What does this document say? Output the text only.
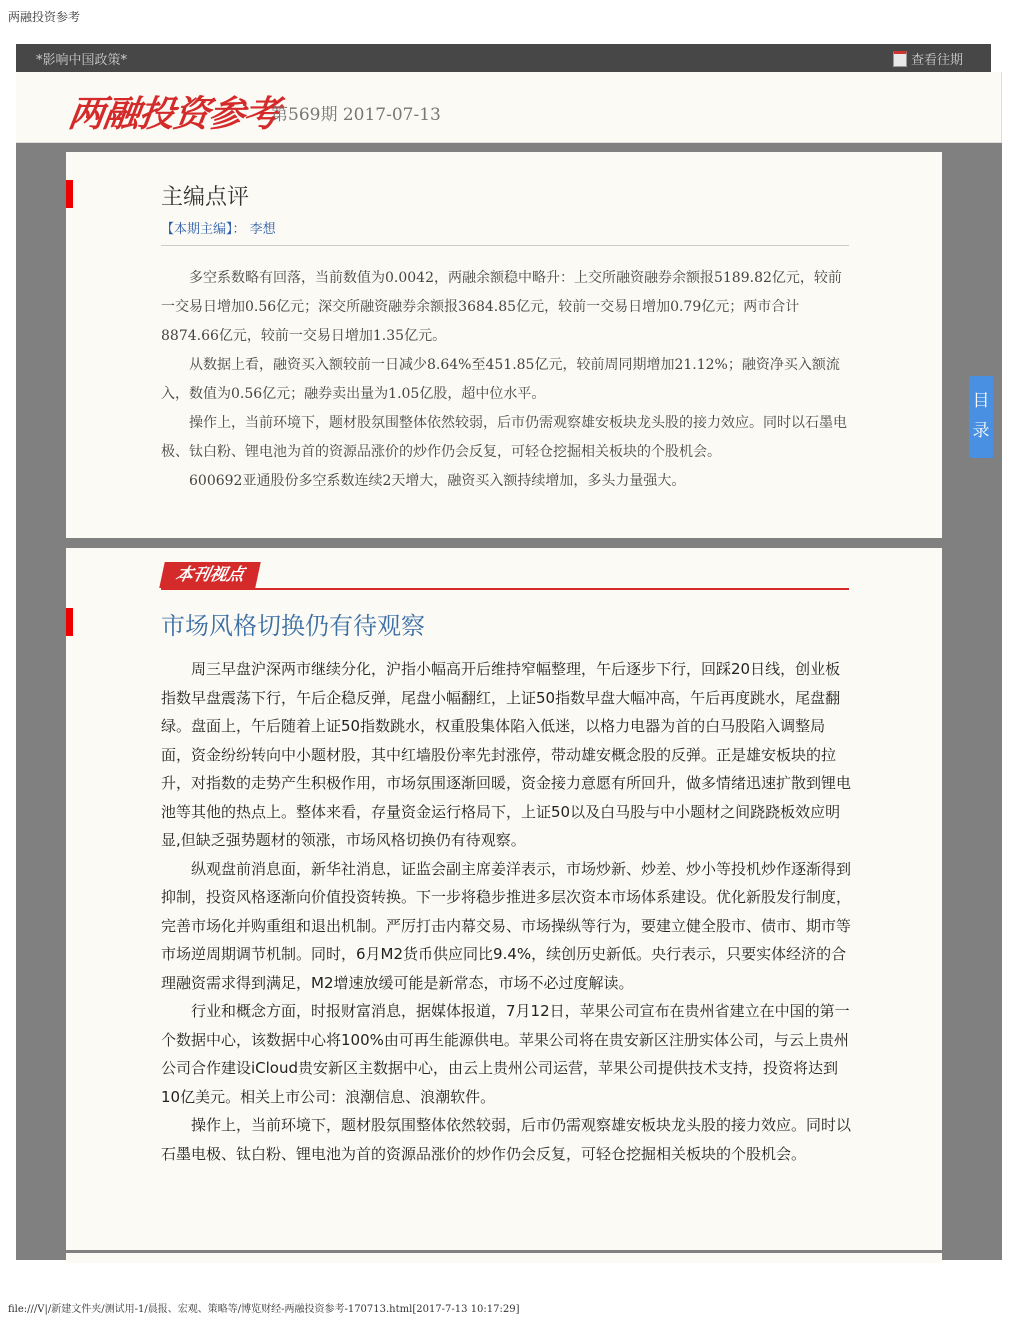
两融投资参考
*影响中国政策*	查看往期
两融投资参考
第569期 2017-07-13
主编点评
【本期主编】： 李想

多空系数略有回落，当前数值为0.0042，两融余额稳中略升：上交所融资融券余额报5189.82亿元，较前一交易日增加0.56亿元；深交所融资融券余额报3684.85亿元，较前一交易日增加0.79亿元；两市合计8874.66亿元，较前一交易日增加1.35亿元。

从数据上看，融资买入额较前一日减少8.64%至451.85亿元，较前周同期增加21.12%；融资净买入额流入，数值为0.56亿元；融券卖出量为1.05亿股，超中位水平。

操作上，当前环境下，题材股氛围整体依然较弱，后市仍需观察雄安板块龙头股的接力效应。同时以石墨电极、钛白粉、锂电池为首的资源品涨价的炒作仍会反复，可轻仓挖掘相关板块的个股机会。

600692亚通股份多空系数连续2天增大，融资买入额持续增加，多头力量强大。

本刊视点
市场风格切换仍有待观察

周三早盘沪深两市继续分化，沪指小幅高开后维持窄幅整理，午后逐步下行，回踩20日线，创业板指数早盘震荡下行，午后企稳反弹，尾盘小幅翻红，上证50指数早盘大幅冲高，午后再度跳水，尾盘翻绿。盘面上，午后随着上证50指数跳水，权重股集体陷入低迷，以格力电器为首的白马股陷入调整局面，资金纷纷转向中小题材股，其中红墙股份率先封涨停，带动雄安概念股的反弹。正是雄安板块的拉升，对指数的走势产生积极作用，市场氛围逐渐回暖，资金接力意愿有所回升，做多情绪迅速扩散到锂电池等其他的热点上。整体来看，存量资金运行格局下，上证50以及白马股与中小题材之间跷跷板效应明显,但缺乏强势题材的领涨，市场风格切换仍有待观察。

纵观盘前消息面，新华社消息，证监会副主席姜洋表示，市场炒新、炒差、炒小等投机炒作逐渐得到抑制，投资风格逐渐向价值投资转换。下一步将稳步推进多层次资本市场体系建设。优化新股发行制度，完善市场化并购重组和退出机制。严厉打击内幕交易、市场操纵等行为，要建立健全股市、债市、期市等市场逆周期调节机制。同时，6月M2货币供应同比9.4%，续创历史新低。央行表示，只要实体经济的合理融资需求得到满足，M2增速放缓可能是新常态，市场不必过度解读。

行业和概念方面，时报财富消息，据媒体报道，7月12日，苹果公司宣布在贵州省建立在中国的第一个数据中心，该数据中心将100%由可再生能源供电。苹果公司将在贵安新区注册实体公司，与云上贵州公司合作建设iCloud贵安新区主数据中心，由云上贵州公司运营，苹果公司提供技术支持，投资将达到10亿美元。相关上市公司：浪潮信息、浪潮软件。

操作上，当前环境下，题材股氛围整体依然较弱，后市仍需观察雄安板块龙头股的接力效应。同时以石墨电极、钛白粉、锂电池为首的资源品涨价的炒作仍会反复，可轻仓挖掘相关板块的个股机会。

目
录
file:///V|/新建文件夹/测试用-1/晨报、宏观、策略等/博览财经-两融投资参考-170713.html[2017-7-13 10:17:29]
